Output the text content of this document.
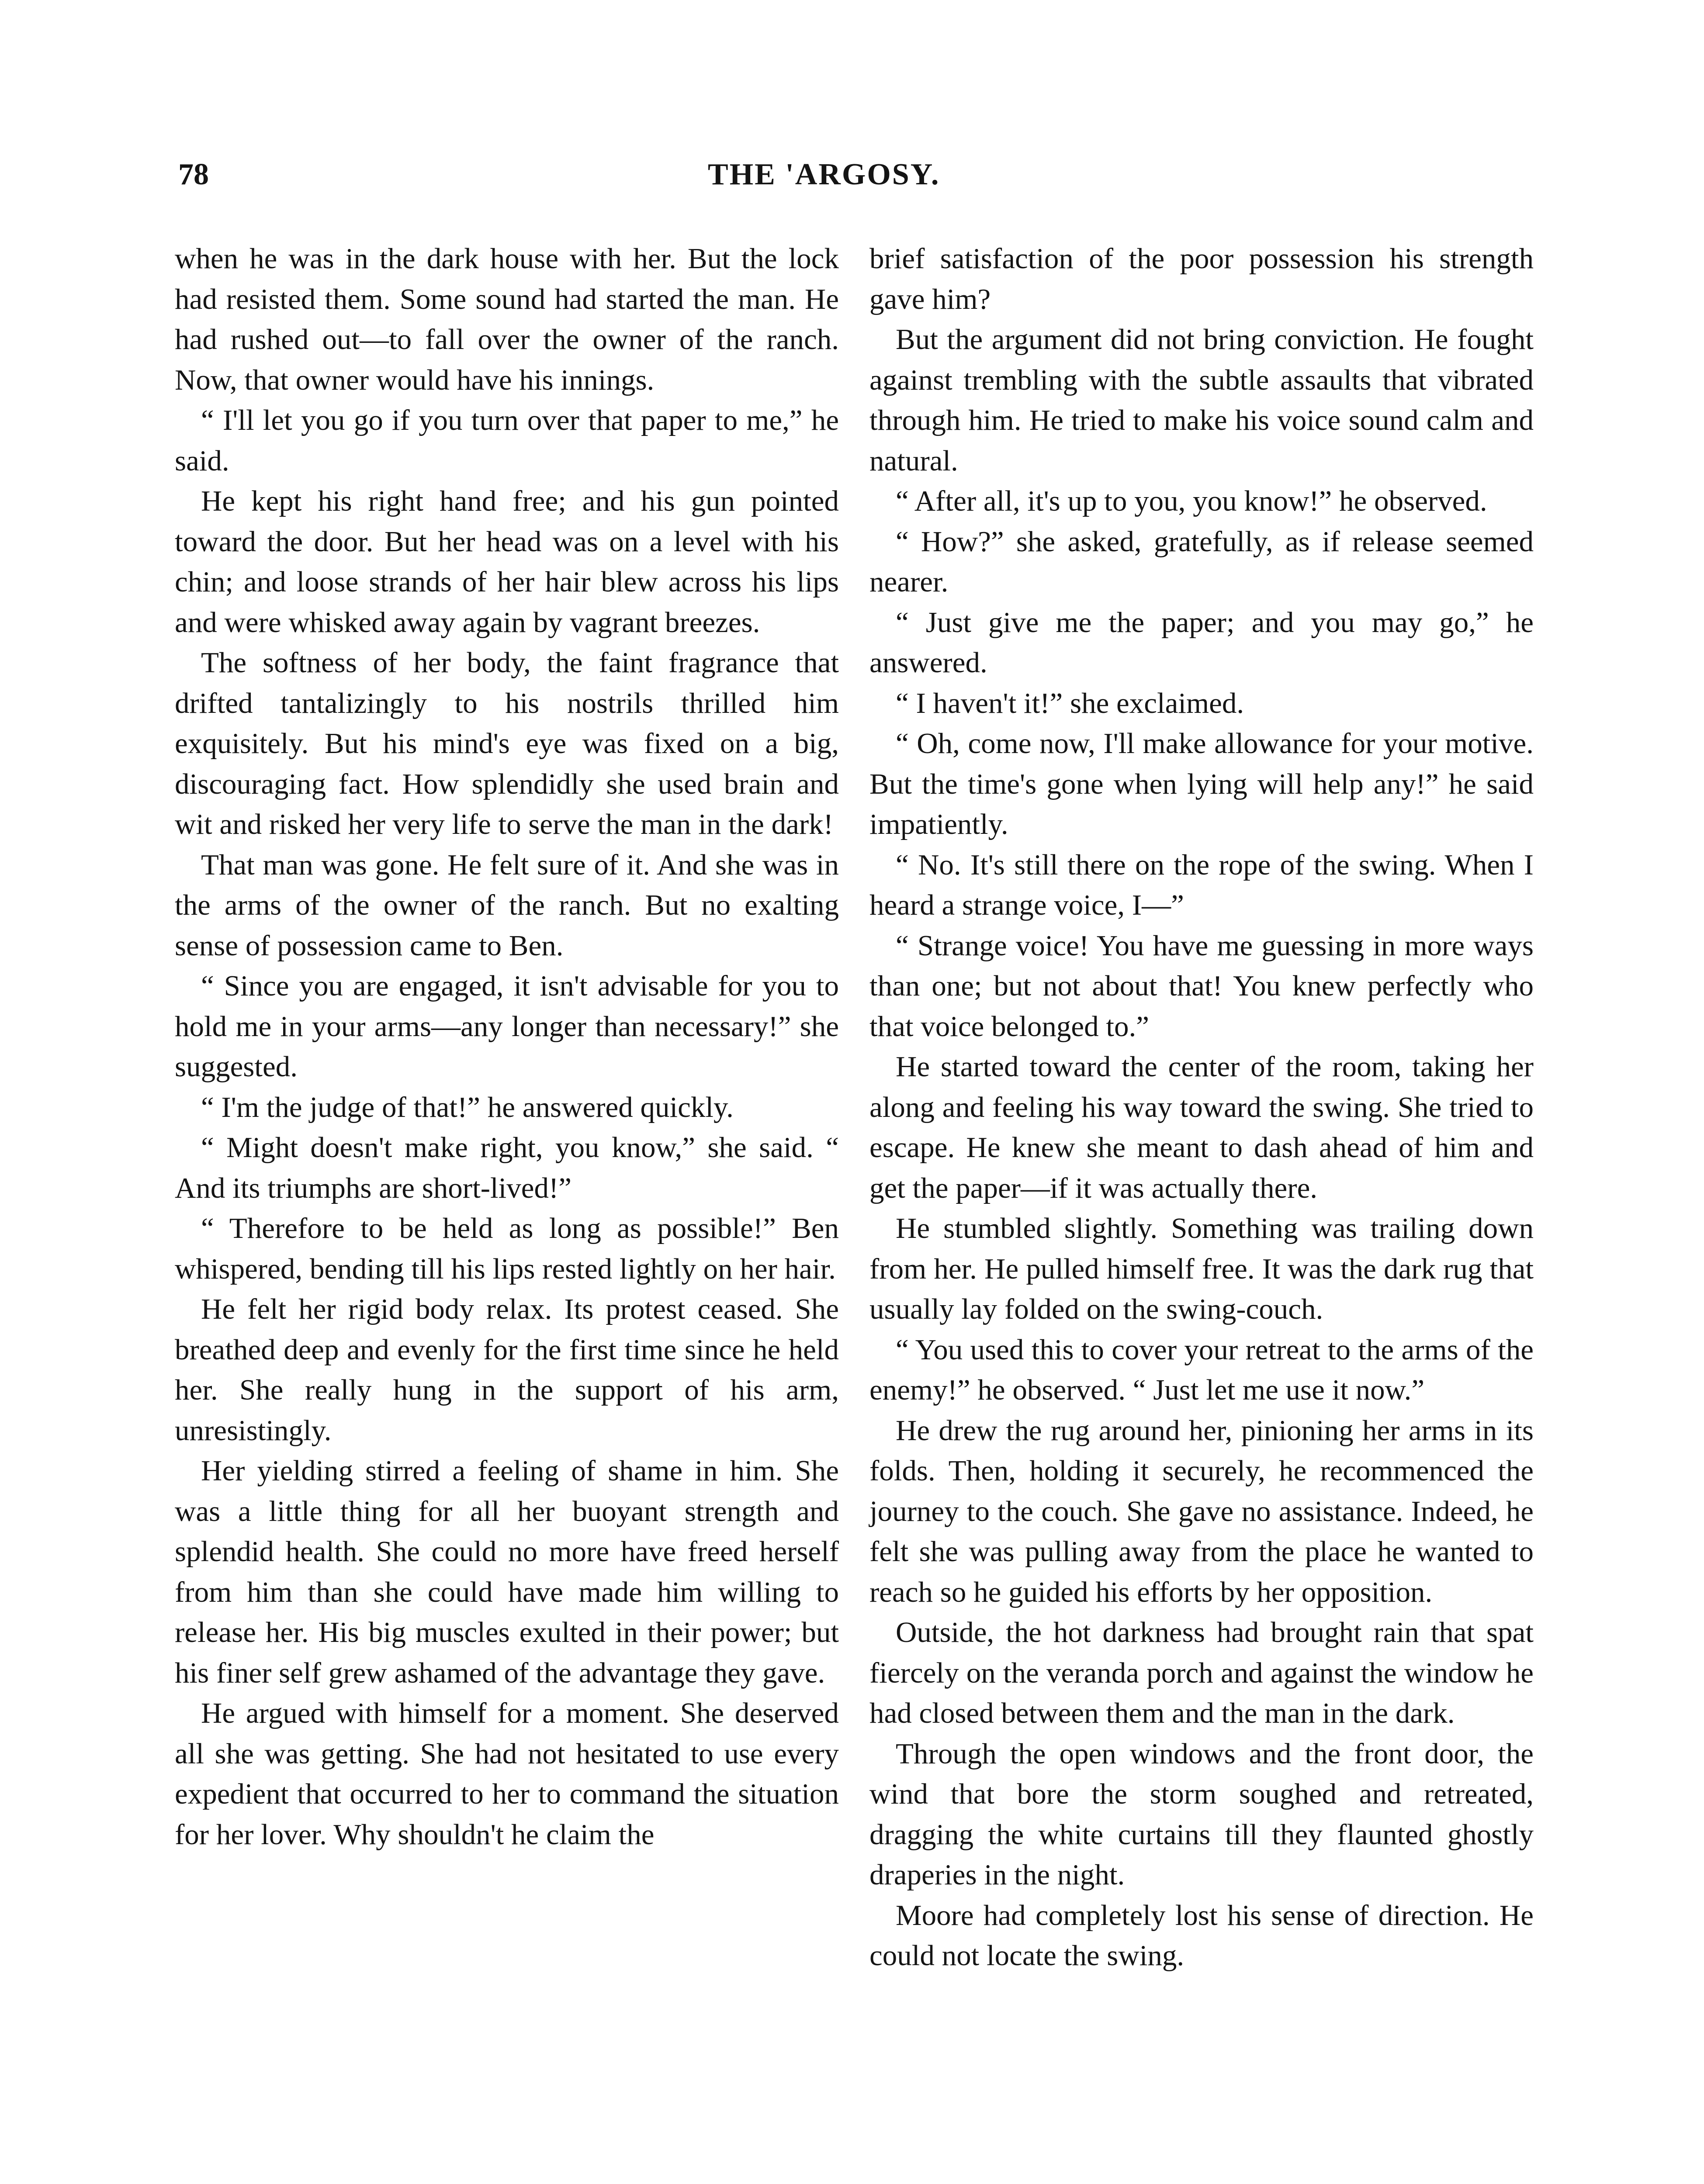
78	THE 'ARGOSY.

when he was in the dark house with her. But the lock had resisted them. Some sound had started the man. He had rushed out—to fall over the owner of the ranch. Now, that owner would have his innings.

“ I'll let you go if you turn over that paper to me,” he said.

He kept his right hand free; and his gun pointed toward the door. But her head was on a level with his chin; and loose strands of her hair blew across his lips and were whisked away again by vagrant breezes.

The softness of her body, the faint fragrance that drifted tantalizingly to his nostrils thrilled him exquisitely. But his mind's eye was fixed on a big, discouraging fact. How splendidly she used brain and wit and risked her very life to serve the man in the dark!

That man was gone. He felt sure of it. And she was in the arms of the owner of the ranch. But no exalting sense of possession came to Ben.

“ Since you are engaged, it isn't advisable for you to hold me in your arms—any longer than necessary!” she suggested.

“ I'm the judge of that!” he answered quickly.

“ Might doesn't make right, you know,” she said. “ And its triumphs are short-lived!”

“ Therefore to be held as long as possible!” Ben whispered, bending till his lips rested lightly on her hair.

He felt her rigid body relax. Its protest ceased. She breathed deep and evenly for the first time since he held her. She really hung in the support of his arm, unresistingly.

Her yielding stirred a feeling of shame in him. She was a little thing for all her buoyant strength and splendid health. She could no more have freed herself from him than she could have made him willing to release her. His big muscles exulted in their power; but his finer self grew ashamed of the advantage they gave.

He argued with himself for a moment. She deserved all she was getting. She had not hesitated to use every expedient that occurred to her to command the situation for her lover. Why shouldn't he claim the

brief satisfaction of the poor possession his strength gave him?

But the argument did not bring conviction. He fought against trembling with the subtle assaults that vibrated through him. He tried to make his voice sound calm and natural.

“ After all, it's up to you, you know!” he observed.

“ How?” she asked, gratefully, as if release seemed nearer.

“ Just give me the paper; and you may go,” he answered.

“ I haven't it!” she exclaimed.

“ Oh, come now, I'll make allowance for your motive. But the time's gone when lying will help any!” he said impatiently.

“ No. It's still there on the rope of the swing. When I heard a strange voice, I—”

“ Strange voice! You have me guessing in more ways than one; but not about that! You knew perfectly who that voice belonged to.”

He started toward the center of the room, taking her along and feeling his way toward the swing. She tried to escape. He knew she meant to dash ahead of him and get the paper—if it was actually there.

He stumbled slightly. Something was trailing down from her. He pulled himself free. It was the dark rug that usually lay folded on the swing-couch.

“ You used this to cover your retreat to the arms of the enemy!” he observed. “ Just let me use it now.”

He drew the rug around her, pinioning her arms in its folds. Then, holding it securely, he recommenced the journey to the couch. She gave no assistance. Indeed, he felt she was pulling away from the place he wanted to reach so he guided his efforts by her opposition.

Outside, the hot darkness had brought rain that spat fiercely on the veranda porch and against the window he had closed between them and the man in the dark.

Through the open windows and the front door, the wind that bore the storm soughed and retreated, dragging the white curtains till they flaunted ghostly draperies in the night.

Moore had completely lost his sense of direction. He could not locate the swing.
